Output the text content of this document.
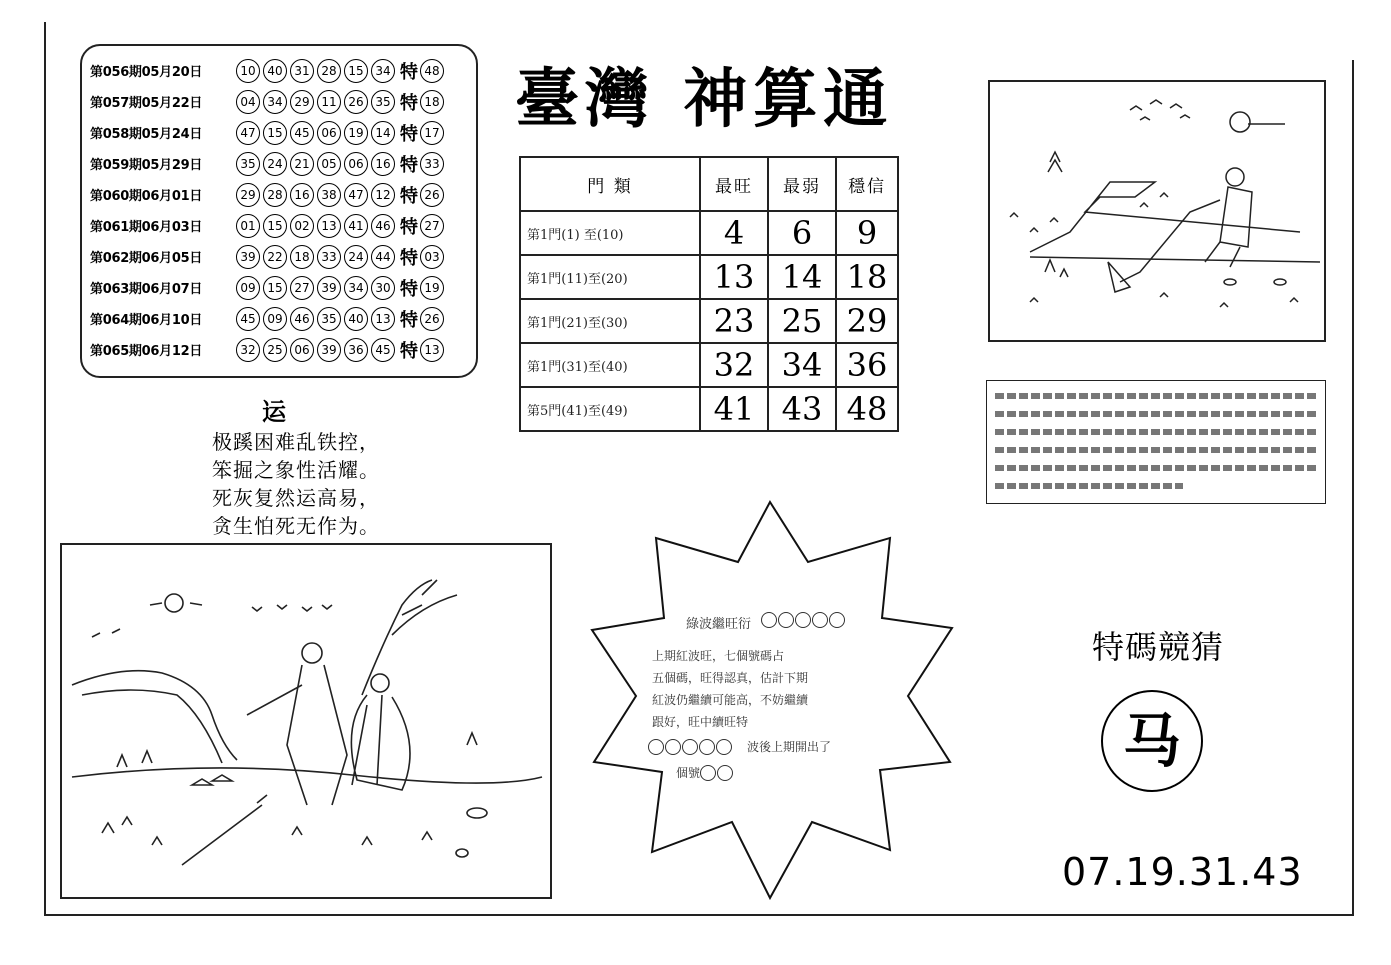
第056期05月20日	10 40 31 28 15 34 特 48
第057期05月22日	04 34 29 11 26 35 特 18
第058期05月24日	47 15 45 06 19 14 特 17
第059期05月29日	35 24 21 05 06 16 特 33
第060期06月01日	29 28 16 38 47 12 特 26
第061期06月03日	01 15 02 13 41 46 特 27
第062期06月05日	39 22 18 33 24 44 特 03
第063期06月07日	09 15 27 39 34 30 特 19
第064期06月10日	45 09 46 35 40 13 特 26
第065期06月12日	32 25 06 39 36 45 特 13
臺灣 神算通
門 類	最旺	最弱	穩信
第1門(1) 至(10)	4	6	9
第1門(11)至(20)	13	14	18
第1門(21)至(30)	23	25	29
第1門(31)至(40)	32	34	36
第5門(41)至(49)	41	43	48
运
极蹊困难乱铁控，
笨掘之象性活耀。
死灰复然运高易，
贪生怕死无作为。
綠波繼旺衍
上期紅波旺，七個號碼占
五個碼，旺得認真，估計下期
紅波仍繼續可能高，不妨繼續
跟好，旺中續旺特
波後上期開出了
個號
特碼競猜
马
07.19.31.43
